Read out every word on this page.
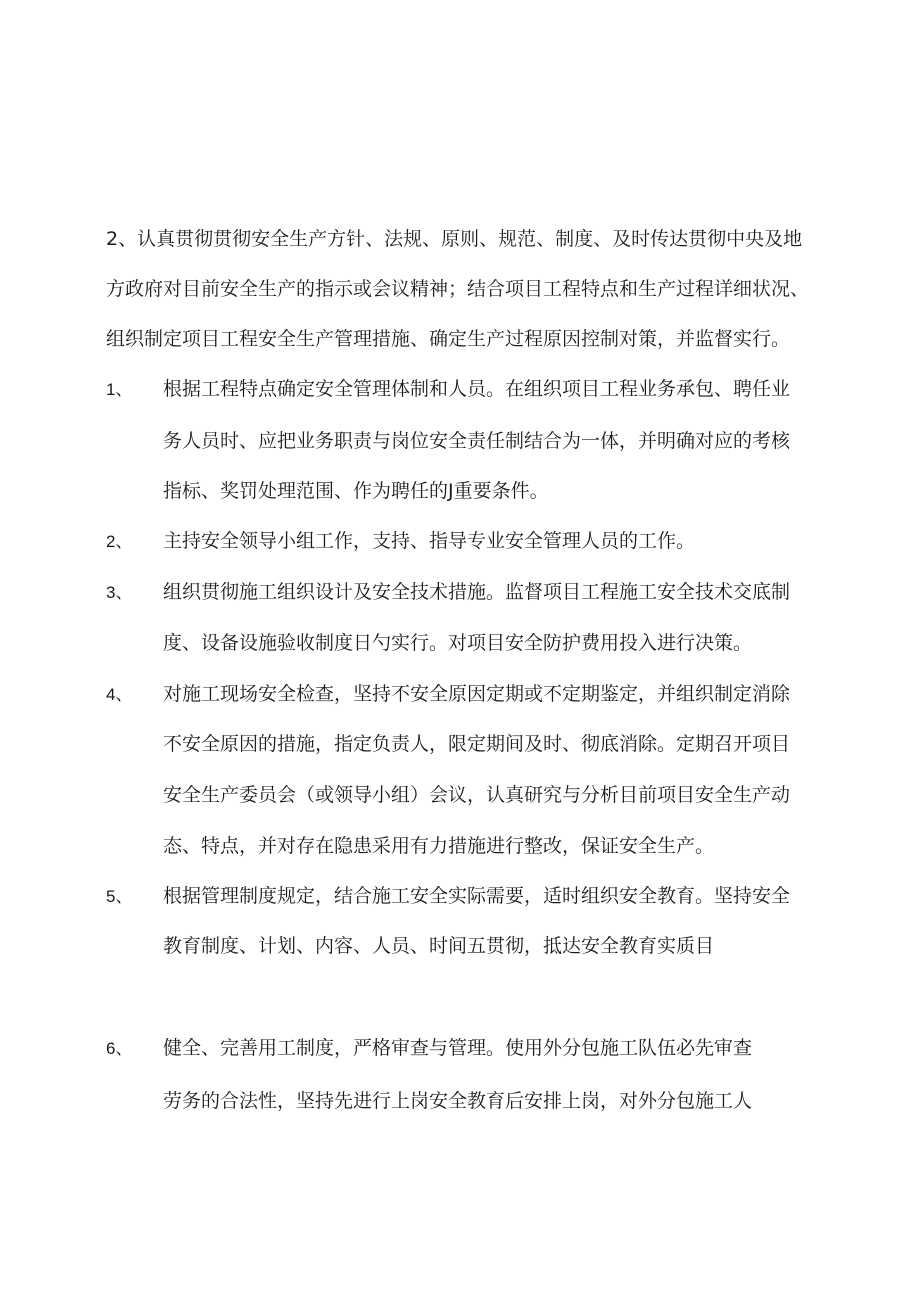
2、认真贯彻贯彻安全生产方针、法规、原则、规范、制度、及时传达贯彻中央及地
方政府对目前安全生产的指示或会议精神；结合项目工程特点和生产过程详细状况、
组织制定项目工程安全生产管理措施、确定生产过程原因控制对策，并监督实行。
1、 根据工程特点确定安全管理体制和人员。在组织项目工程业务承包、聘任业
务人员时、应把业务职责与岗位安全责任制结合为一体，并明确对应的考核
指标、奖罚处理范围、作为聘任的J重要条件。
2、 主持安全领导小组工作，支持、指导专业安全管理人员的工作。
3、 组织贯彻施工组织设计及安全技术措施。监督项目工程施工安全技术交底制
度、设备设施验收制度日勺实行。对项目安全防护费用投入进行决策。
4、 对施工现场安全检查，坚持不安全原因定期或不定期鉴定，并组织制定消除
不安全原因的措施，指定负责人，限定期间及时、彻底消除。定期召开项目
安全生产委员会（或领导小组）会议，认真研究与分析目前项目安全生产动
态、特点，并对存在隐患采用有力措施进行整改，保证安全生产。
5、 根据管理制度规定，结合施工安全实际需要，适时组织安全教育。坚持安全
教育制度、计划、内容、人员、时间五贯彻，抵达安全教育实质目
6、 健全、完善用工制度，严格审查与管理。使用外分包施工队伍必先审查
劳务的合法性，坚持先进行上岗安全教育后安排上岗，对外分包施工人
